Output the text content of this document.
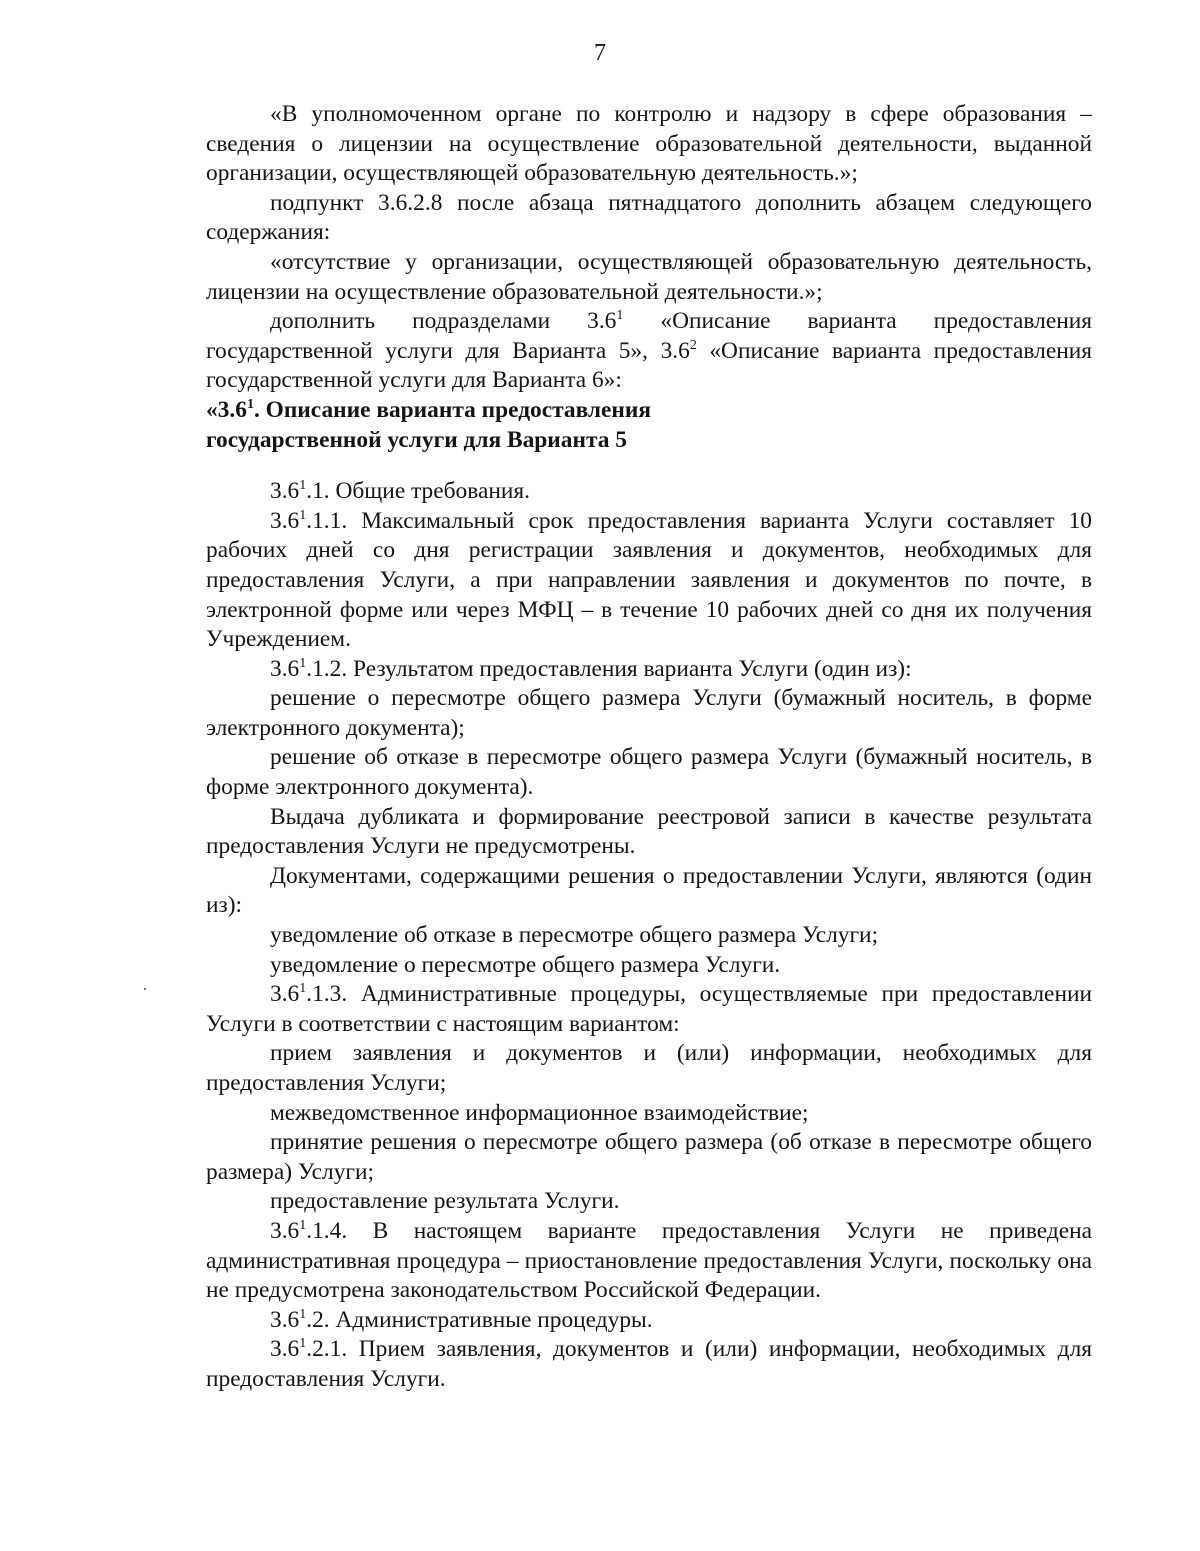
7

«В уполномоченном органе по контролю и надзору в сфере образования – сведения о лицензии на осуществление образовательной деятельности, выданной организации, осуществляющей образовательную деятельность.»;

подпункт 3.6.2.8 после абзаца пятнадцатого дополнить абзацем следующего содержания:

«отсутствие у организации, осуществляющей образовательную деятельность, лицензии на осуществление образовательной деятельности.»;

дополнить подразделами $3.6^1$ «Описание варианта предоставления государственной услуги для Варианта 5», $3.6^2$ «Описание варианта предоставления государственной услуги для Варианта 6»:

«$3.6^1$. Описание варианта предоставления

государственной услуги для Варианта 5

$3.6^1.1$. Общие требования.

$3.6^1.1.1$. Максимальный срок предоставления варианта Услуги составляет 10 рабочих дней со дня регистрации заявления и документов, необходимых для предоставления Услуги, а при направлении заявления и документов по почте, в электронной форме или через МФЦ – в течение 10 рабочих дней со дня их получения Учреждением.

$3.6^1.1.2$. Результатом предоставления варианта Услуги (один из):

решение о пересмотре общего размера Услуги (бумажный носитель, в форме электронного документа);

решение об отказе в пересмотре общего размера Услуги (бумажный носитель, в форме электронного документа).

Выдача дубликата и формирование реестровой записи в качестве результата предоставления Услуги не предусмотрены.

Документами, содержащими решения о предоставлении Услуги, являются (один из):

уведомление об отказе в пересмотре общего размера Услуги;

уведомление о пересмотре общего размера Услуги.

$3.6^1.1.3$. Административные процедуры, осуществляемые при предоставлении Услуги в соответствии с настоящим вариантом:

прием заявления и документов и (или) информации, необходимых для предоставления Услуги;

межведомственное информационное взаимодействие;

принятие решения о пересмотре общего размера (об отказе в пересмотре общего размера) Услуги;

предоставление результата Услуги.

$3.6^1.1.4$. В настоящем варианте предоставления Услуги не приведена административная процедура – приостановление предоставления Услуги, поскольку она не предусмотрена законодательством Российской Федерации.

$3.6^1.2$. Административные процедуры.

$3.6^1.2.1$. Прием заявления, документов и (или) информации, необходимых для предоставления Услуги.
